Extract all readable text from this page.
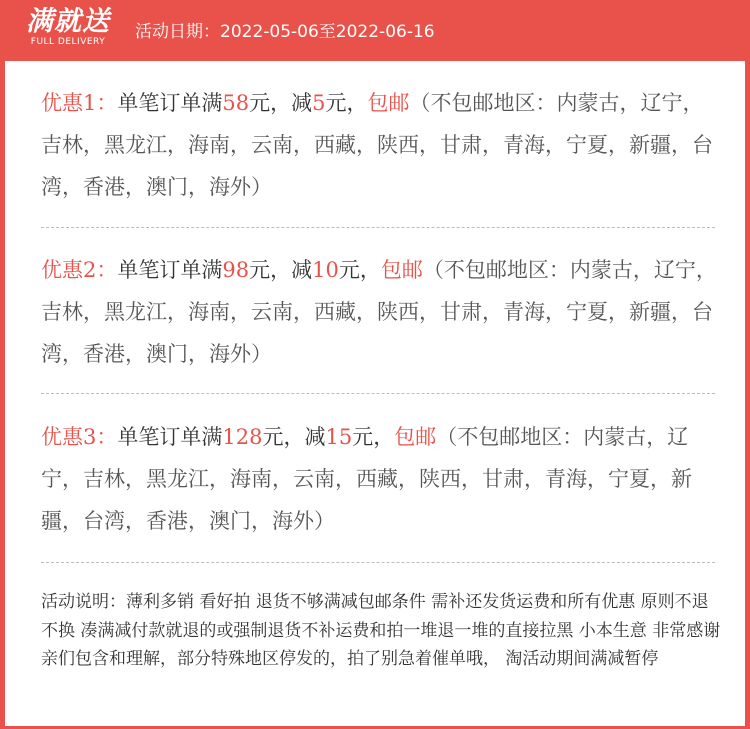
满就送
FULL DELIVERY	活动日期：2022-05-06至2022-06-16
优惠1：单笔订单满58元，减5元，包邮（不包邮地区：内蒙古，辽宁，吉林，黑龙江，海南，云南，西藏，陕西，甘肃，青海，宁夏，新疆，台湾，香港，澳门，海外）
优惠2：单笔订单满98元，减10元，包邮（不包邮地区：内蒙古，辽宁，吉林，黑龙江，海南，云南，西藏，陕西，甘肃，青海，宁夏，新疆，台湾，香港，澳门，海外）
优惠3：单笔订单满128元，减15元，包邮（不包邮地区：内蒙古，辽宁，吉林，黑龙江，海南，云南，西藏，陕西，甘肃，青海，宁夏，新疆，台湾，香港，澳门，海外）
活动说明：薄利多销 看好拍 退货不够满减包邮条件 需补还发货运费和所有优惠 原则不退不换 凑满减付款就退的或强制退货不补运费和拍一堆退一堆的直接拉黑 小本生意 非常感谢亲们包含和理解，部分特殊地区停发的，拍了别急着催单哦， 淘活动期间满减暂停
